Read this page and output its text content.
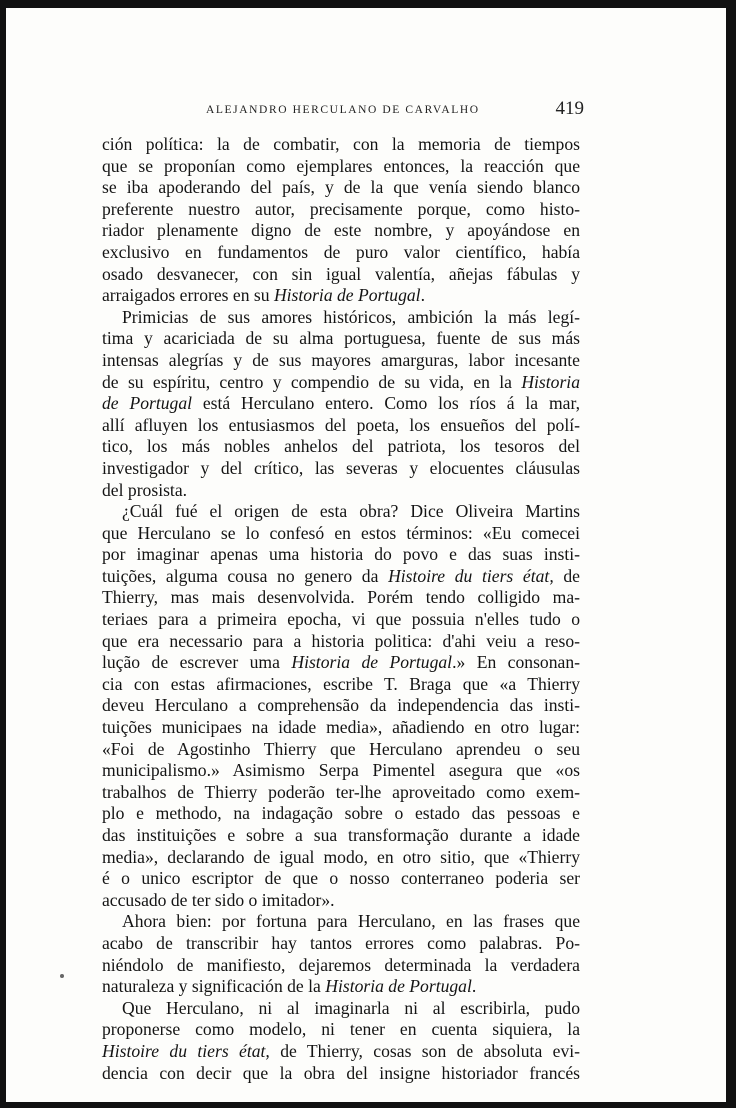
ALEJANDRO HERCULANO DE CARVALHO	419
ción política: la de combatir, con la memoria de tiempos
que se proponían como ejemplares entonces, la reacción que
se iba apoderando del país, y de la que venía siendo blanco
preferente nuestro autor, precisamente porque, como histo-
riador plenamente digno de este nombre, y apoyándose en
exclusivo en fundamentos de puro valor científico, había
osado desvanecer, con sin igual valentía, añejas fábulas y
arraigados errores en su Historia de Portugal.
Primicias de sus amores históricos, ambición la más legí-
tima y acariciada de su alma portuguesa, fuente de sus más
intensas alegrías y de sus mayores amarguras, labor incesante
de su espíritu, centro y compendio de su vida, en la Historia
de Portugal está Herculano entero. Como los ríos á la mar,
allí afluyen los entusiasmos del poeta, los ensueños del polí-
tico, los más nobles anhelos del patriota, los tesoros del
investigador y del crítico, las severas y elocuentes cláusulas
del prosista.
¿Cuál fué el origen de esta obra? Dice Oliveira Martins
que Herculano se lo confesó en estos términos: «Eu comecei
por imaginar apenas uma historia do povo e das suas insti-
tuições, alguma cousa no genero da Histoire du tiers état, de
Thierry, mas mais desenvolvida. Porém tendo colligido ma-
teriaes para a primeira epocha, vi que possuia n'elles tudo o
que era necessario para a historia politica: d'ahi veiu a reso-
lução de escrever uma Historia de Portugal.» En consonan-
cia con estas afirmaciones, escribe T. Braga que «a Thierry
deveu Herculano a comprehensão da independencia das insti-
tuições municipaes na idade media», añadiendo en otro lugar:
«Foi de Agostinho Thierry que Herculano aprendeu o seu
municipalismo.» Asimismo Serpa Pimentel asegura que «os
trabalhos de Thierry poderão ter-lhe aproveitado como exem-
plo e methodo, na indagação sobre o estado das pessoas e
das instituições e sobre a sua transformação durante a idade
media», declarando de igual modo, en otro sitio, que «Thierry
é o unico escriptor de que o nosso conterraneo poderia ser
accusado de ter sido o imitador».
Ahora bien: por fortuna para Herculano, en las frases que
acabo de transcribir hay tantos errores como palabras. Po-
niéndolo de manifiesto, dejaremos determinada la verdadera
naturaleza y significación de la Historia de Portugal.
Que Herculano, ni al imaginarla ni al escribirla, pudo
proponerse como modelo, ni tener en cuenta siquiera, la
Histoire du tiers état, de Thierry, cosas son de absoluta evi-
dencia con decir que la obra del insigne historiador francés
